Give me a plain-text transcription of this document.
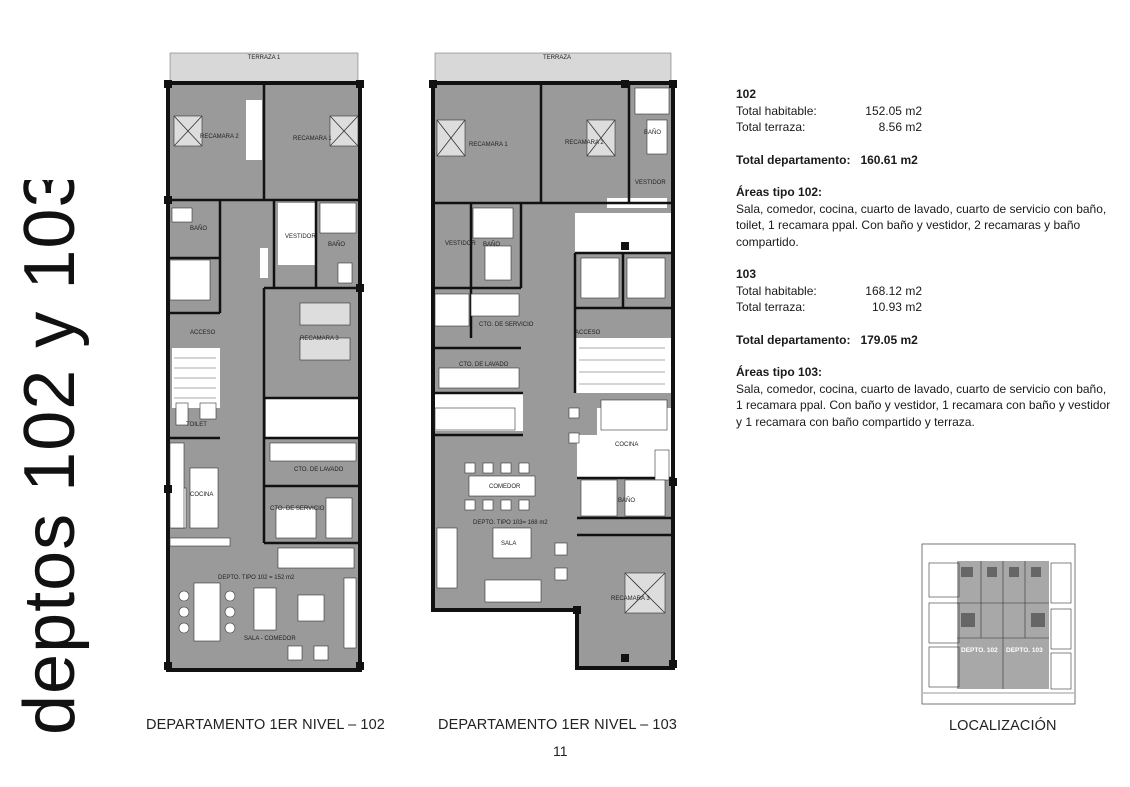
deptos 102 y 103
TERRAZA 1
RECAMARA 2	RECAMARA 1
BAÑO
VESTIDOR
BAÑO
ACCESO
RECAMARA 3
TOILET
CTO. DE LAVADO
COCINA
CTO. DE SERVICIO
DEPTO. TIPO 102 = 152 m2
SALA - COMEDOR
TERRAZA
RECAMARA 1	RECAMARA 2
BAÑO
VESTIDOR
VESTIDOR BAÑO
CTO. DE SERVICIO
ACCESO
CTO. DE LAVADO
COCINA
COMEDOR
BAÑO
DEPTO. TIPO 103= 168 m2
SALA
RECAMARA 3
DEPARTAMENTO 1ER NIVEL – 102	DEPARTAMENTO 1ER NIVEL – 103
11
102
Total habitable:	152.05 m2
Total terraza:	8.56 m2
Total departamento:   160.61 m2
Áreas tipo 102:

Sala, comedor, cocina, cuarto de lavado, cuarto de servicio con baño, toilet, 1 recamara ppal. Con baño y vestidor, 2 recamaras y baño compartido.

103
Total habitable:	168.12 m2
Total terraza:	10.93 m2
Total departamento:   179.05 m2
Áreas tipo 103:

Sala, comedor, cocina, cuarto de lavado, cuarto de servicio con baño, 1 recamara ppal. Con baño y vestidor, 1 recamara con baño y vestidor y 1 recamara con baño compartido y terraza.

DEPTO. 102 DEPTO. 103
LOCALIZACIÓN
